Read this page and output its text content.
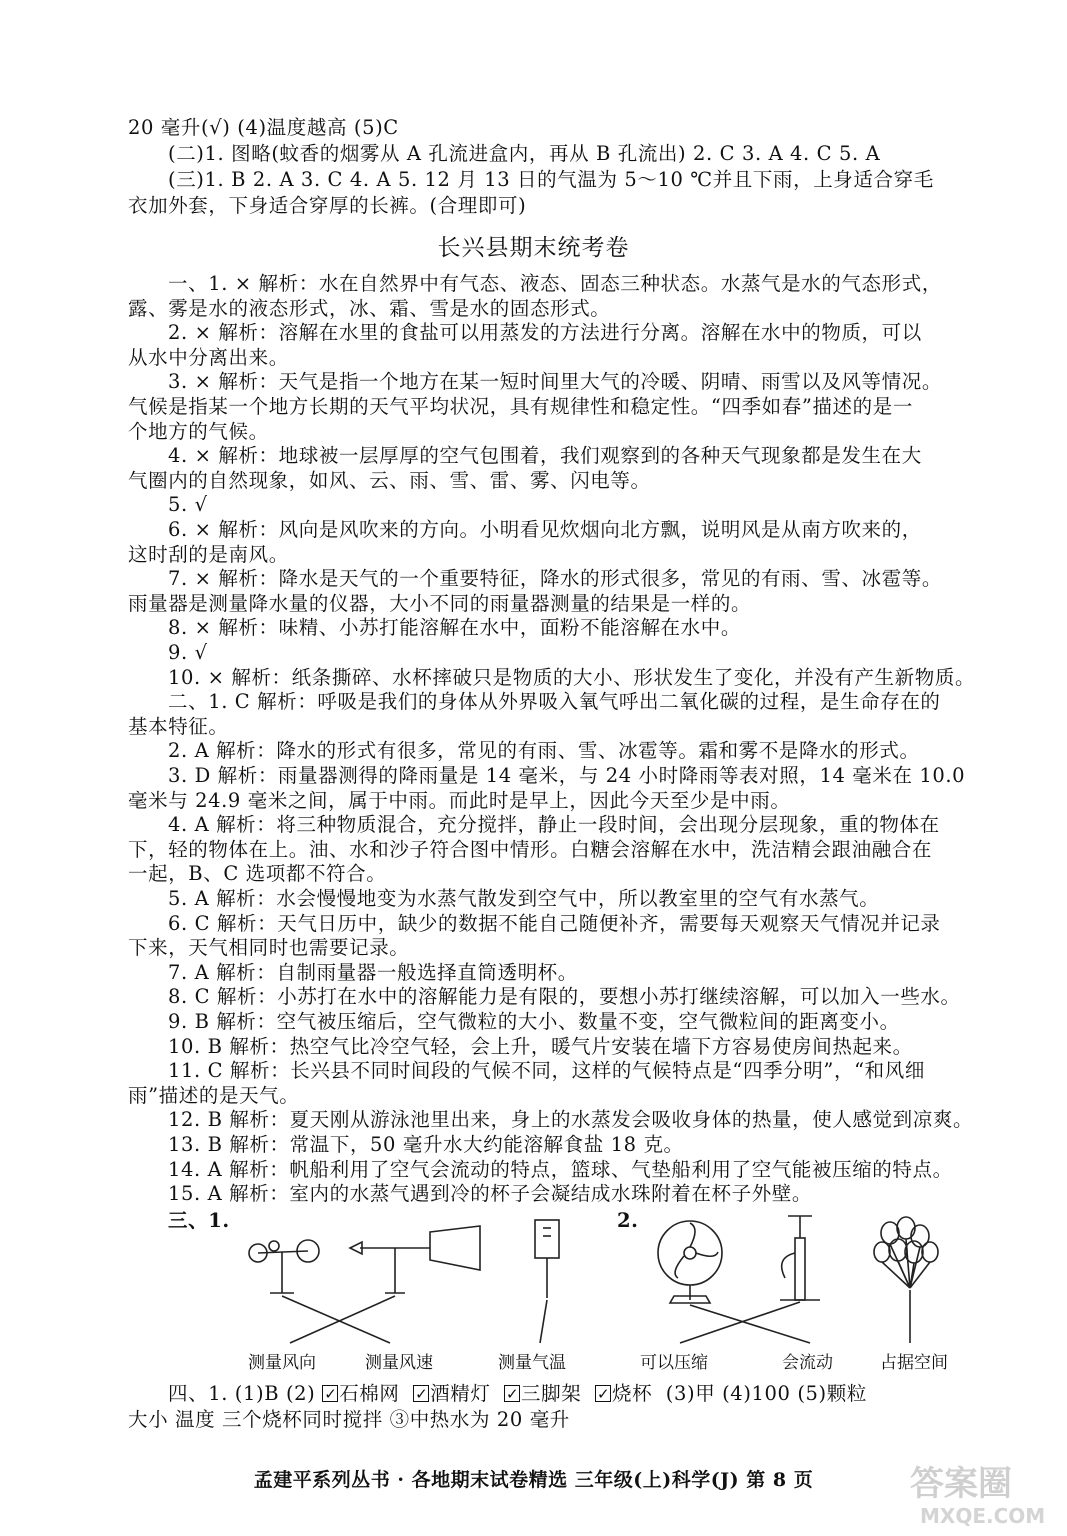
20 毫升(√) (4)温度越高 (5)C
(二)1. 图略(蚊香的烟雾从 A 孔流进盒内，再从 B 孔流出) 2. C 3. A 4. C 5. A
(三)1. B 2. A 3. C 4. A 5. 12 月 13 日的气温为 5～10 ℃并且下雨，上身适合穿毛
衣加外套，下身适合穿厚的长裤。(合理即可)
长兴县期末统考卷
一、1. × 解析：水在自然界中有气态、液态、固态三种状态。水蒸气是水的气态形式，
露、雾是水的液态形式，冰、霜、雪是水的固态形式。
2. × 解析：溶解在水里的食盐可以用蒸发的方法进行分离。溶解在水中的物质，可以
从水中分离出来。
3. × 解析：天气是指一个地方在某一短时间里大气的冷暖、阴晴、雨雪以及风等情况。
气候是指某一个地方长期的天气平均状况，具有规律性和稳定性。“四季如春”描述的是一
个地方的气候。
4. × 解析：地球被一层厚厚的空气包围着，我们观察到的各种天气现象都是发生在大
气圈内的自然现象，如风、云、雨、雪、雷、雾、闪电等。
5. √
6. × 解析：风向是风吹来的方向。小明看见炊烟向北方飘，说明风是从南方吹来的，
这时刮的是南风。
7. × 解析：降水是天气的一个重要特征，降水的形式很多，常见的有雨、雪、冰雹等。
雨量器是测量降水量的仪器，大小不同的雨量器测量的结果是一样的。
8. × 解析：味精、小苏打能溶解在水中，面粉不能溶解在水中。
9. √
10. × 解析：纸条撕碎、水杯摔破只是物质的大小、形状发生了变化，并没有产生新物质。
二、1. C 解析：呼吸是我们的身体从外界吸入氧气呼出二氧化碳的过程，是生命存在的
基本特征。
2. A 解析：降水的形式有很多，常见的有雨、雪、冰雹等。霜和雾不是降水的形式。
3. D 解析：雨量器测得的降雨量是 14 毫米，与 24 小时降雨等表对照，14 毫米在 10.0
毫米与 24.9 毫米之间，属于中雨。而此时是早上，因此今天至少是中雨。
4. A 解析：将三种物质混合，充分搅拌，静止一段时间，会出现分层现象，重的物体在
下，轻的物体在上。油、水和沙子符合图中情形。白糖会溶解在水中，洗洁精会跟油融合在
一起，B、C 选项都不符合。
5. A 解析：水会慢慢地变为水蒸气散发到空气中，所以教室里的空气有水蒸气。
6. C 解析：天气日历中，缺少的数据不能自己随便补齐，需要每天观察天气情况并记录
下来，天气相同时也需要记录。
7. A 解析：自制雨量器一般选择直筒透明杯。
8. C 解析：小苏打在水中的溶解能力是有限的，要想小苏打继续溶解，可以加入一些水。
9. B 解析：空气被压缩后，空气微粒的大小、数量不变，空气微粒间的距离变小。
10. B 解析：热空气比冷空气轻，会上升，暖气片安装在墙下方容易使房间热起来。
11. C 解析：长兴县不同时间段的气候不同，这样的气候特点是“四季分明”，“和风细
雨”描述的是天气。
12. B 解析：夏天刚从游泳池里出来，身上的水蒸发会吸收身体的热量，使人感觉到凉爽。
13. B 解析：常温下，50 毫升水大约能溶解食盐 18 克。
14. A 解析：帆船利用了空气会流动的特点，篮球、气垫船利用了空气能被压缩的特点。
15. A 解析：室内的水蒸气遇到冷的杯子会凝结成水珠附着在杯子外壁。
三、1.	2.
测量风向	测量风速	测量气温	可以压缩	会流动	占据空间
四、1. (1)B (2) ✓ 石棉网 ✓ 酒精灯 ✓ 三脚架 ✓ 烧杯 (3)甲 (4)100 (5)颗粒
大小 温度 三个烧杯同时搅拌 ③中热水为 20 毫升
孟建平系列丛书 · 各地期末试卷精选 三年级(上)科学(J) 第 8 页	答案圈
MXQE.COM
